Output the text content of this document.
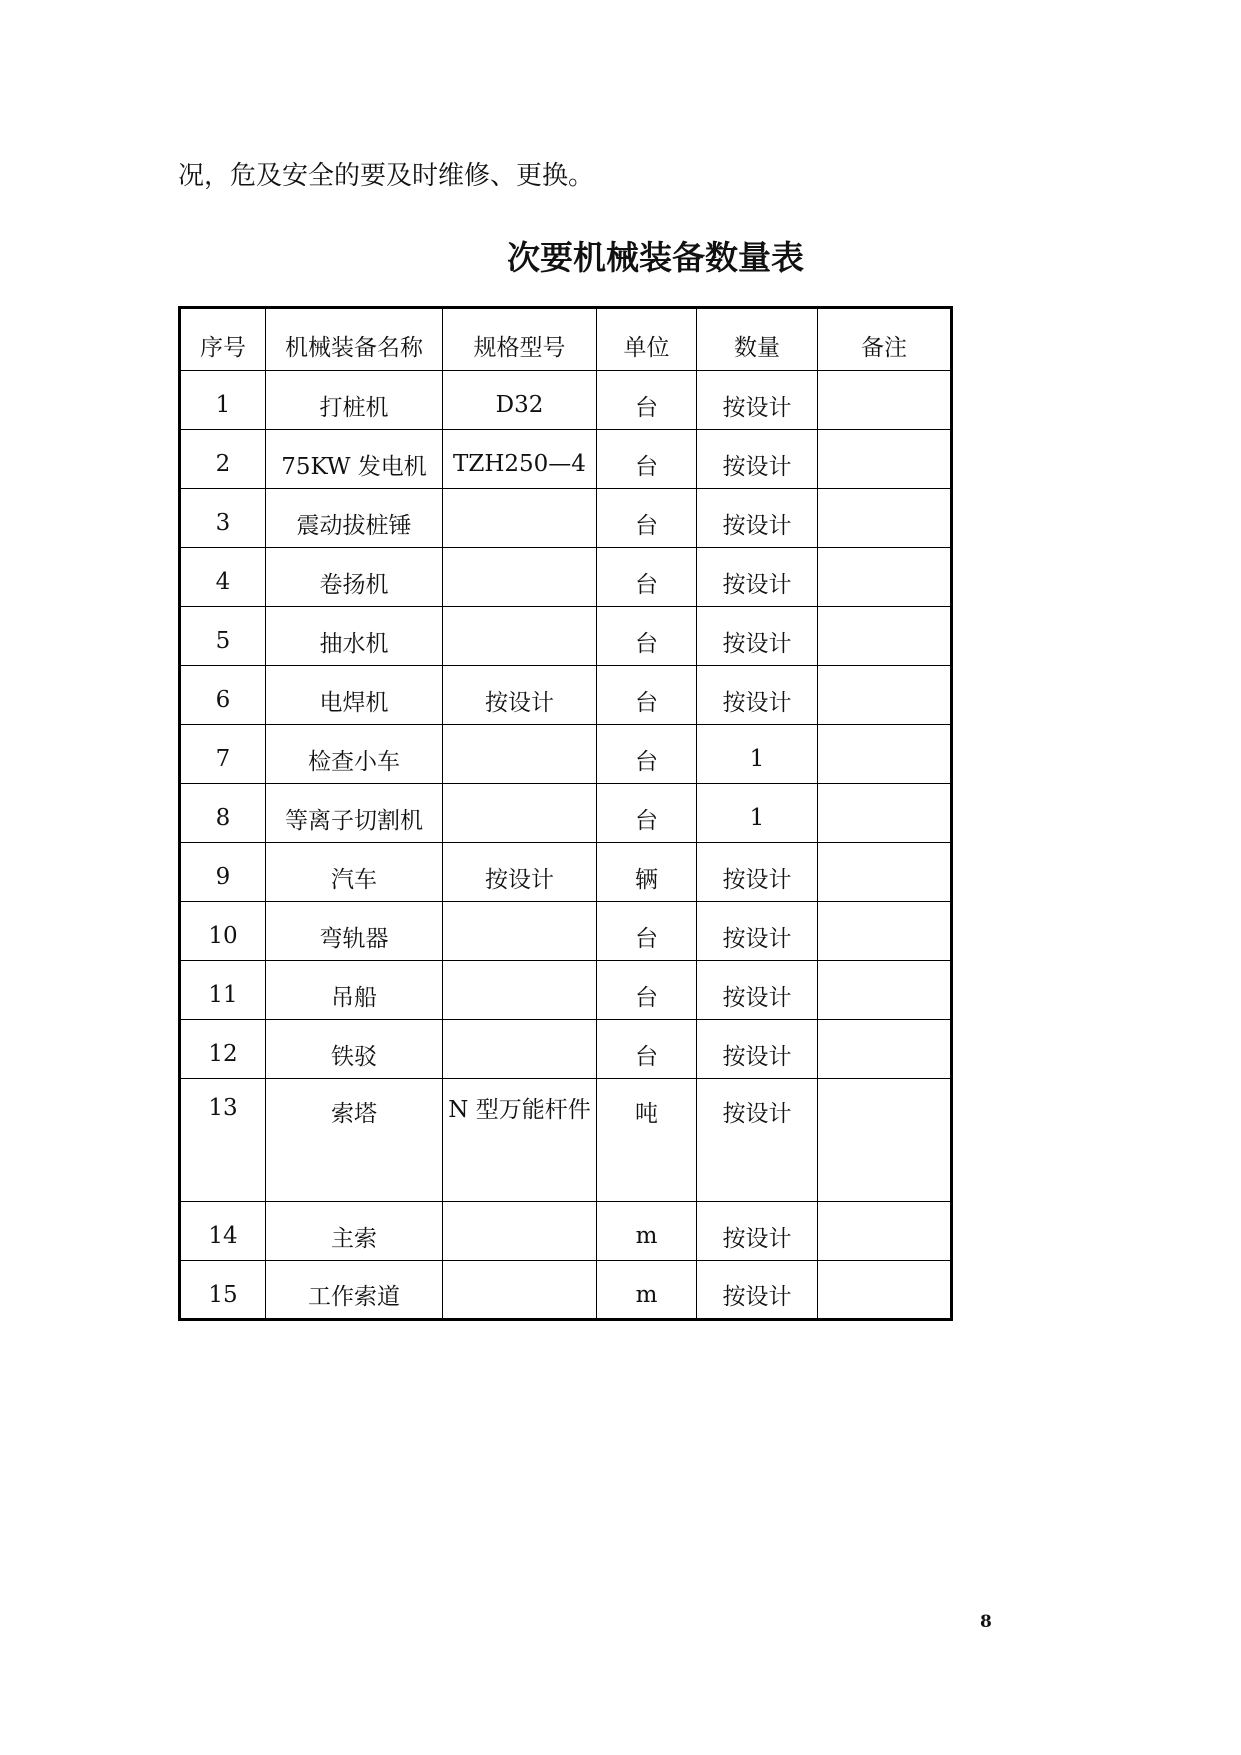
况，危及安全的要及时维修、更换。
次要机械装备数量表
序号	机械装备名称	规格型号	单位	数量	备注
1	打桩机	D32	台	按设计	
2	75KW 发电机	TZH250—4	台	按设计	
3	震动拔桩锤		台	按设计	
4	卷扬机		台	按设计	
5	抽水机		台	按设计	
6	电焊机	按设计	台	按设计	
7	检查小车		台	1	
8	等离子切割机		台	1	
9	汽车	按设计	辆	按设计	
10	弯轨器		台	按设计	
11	吊船		台	按设计	
12	铁驳		台	按设计	
13	索塔	N 型万能杆件	吨	按设计	
14	主索		m	按设计	
15	工作索道		m	按设计	
8
